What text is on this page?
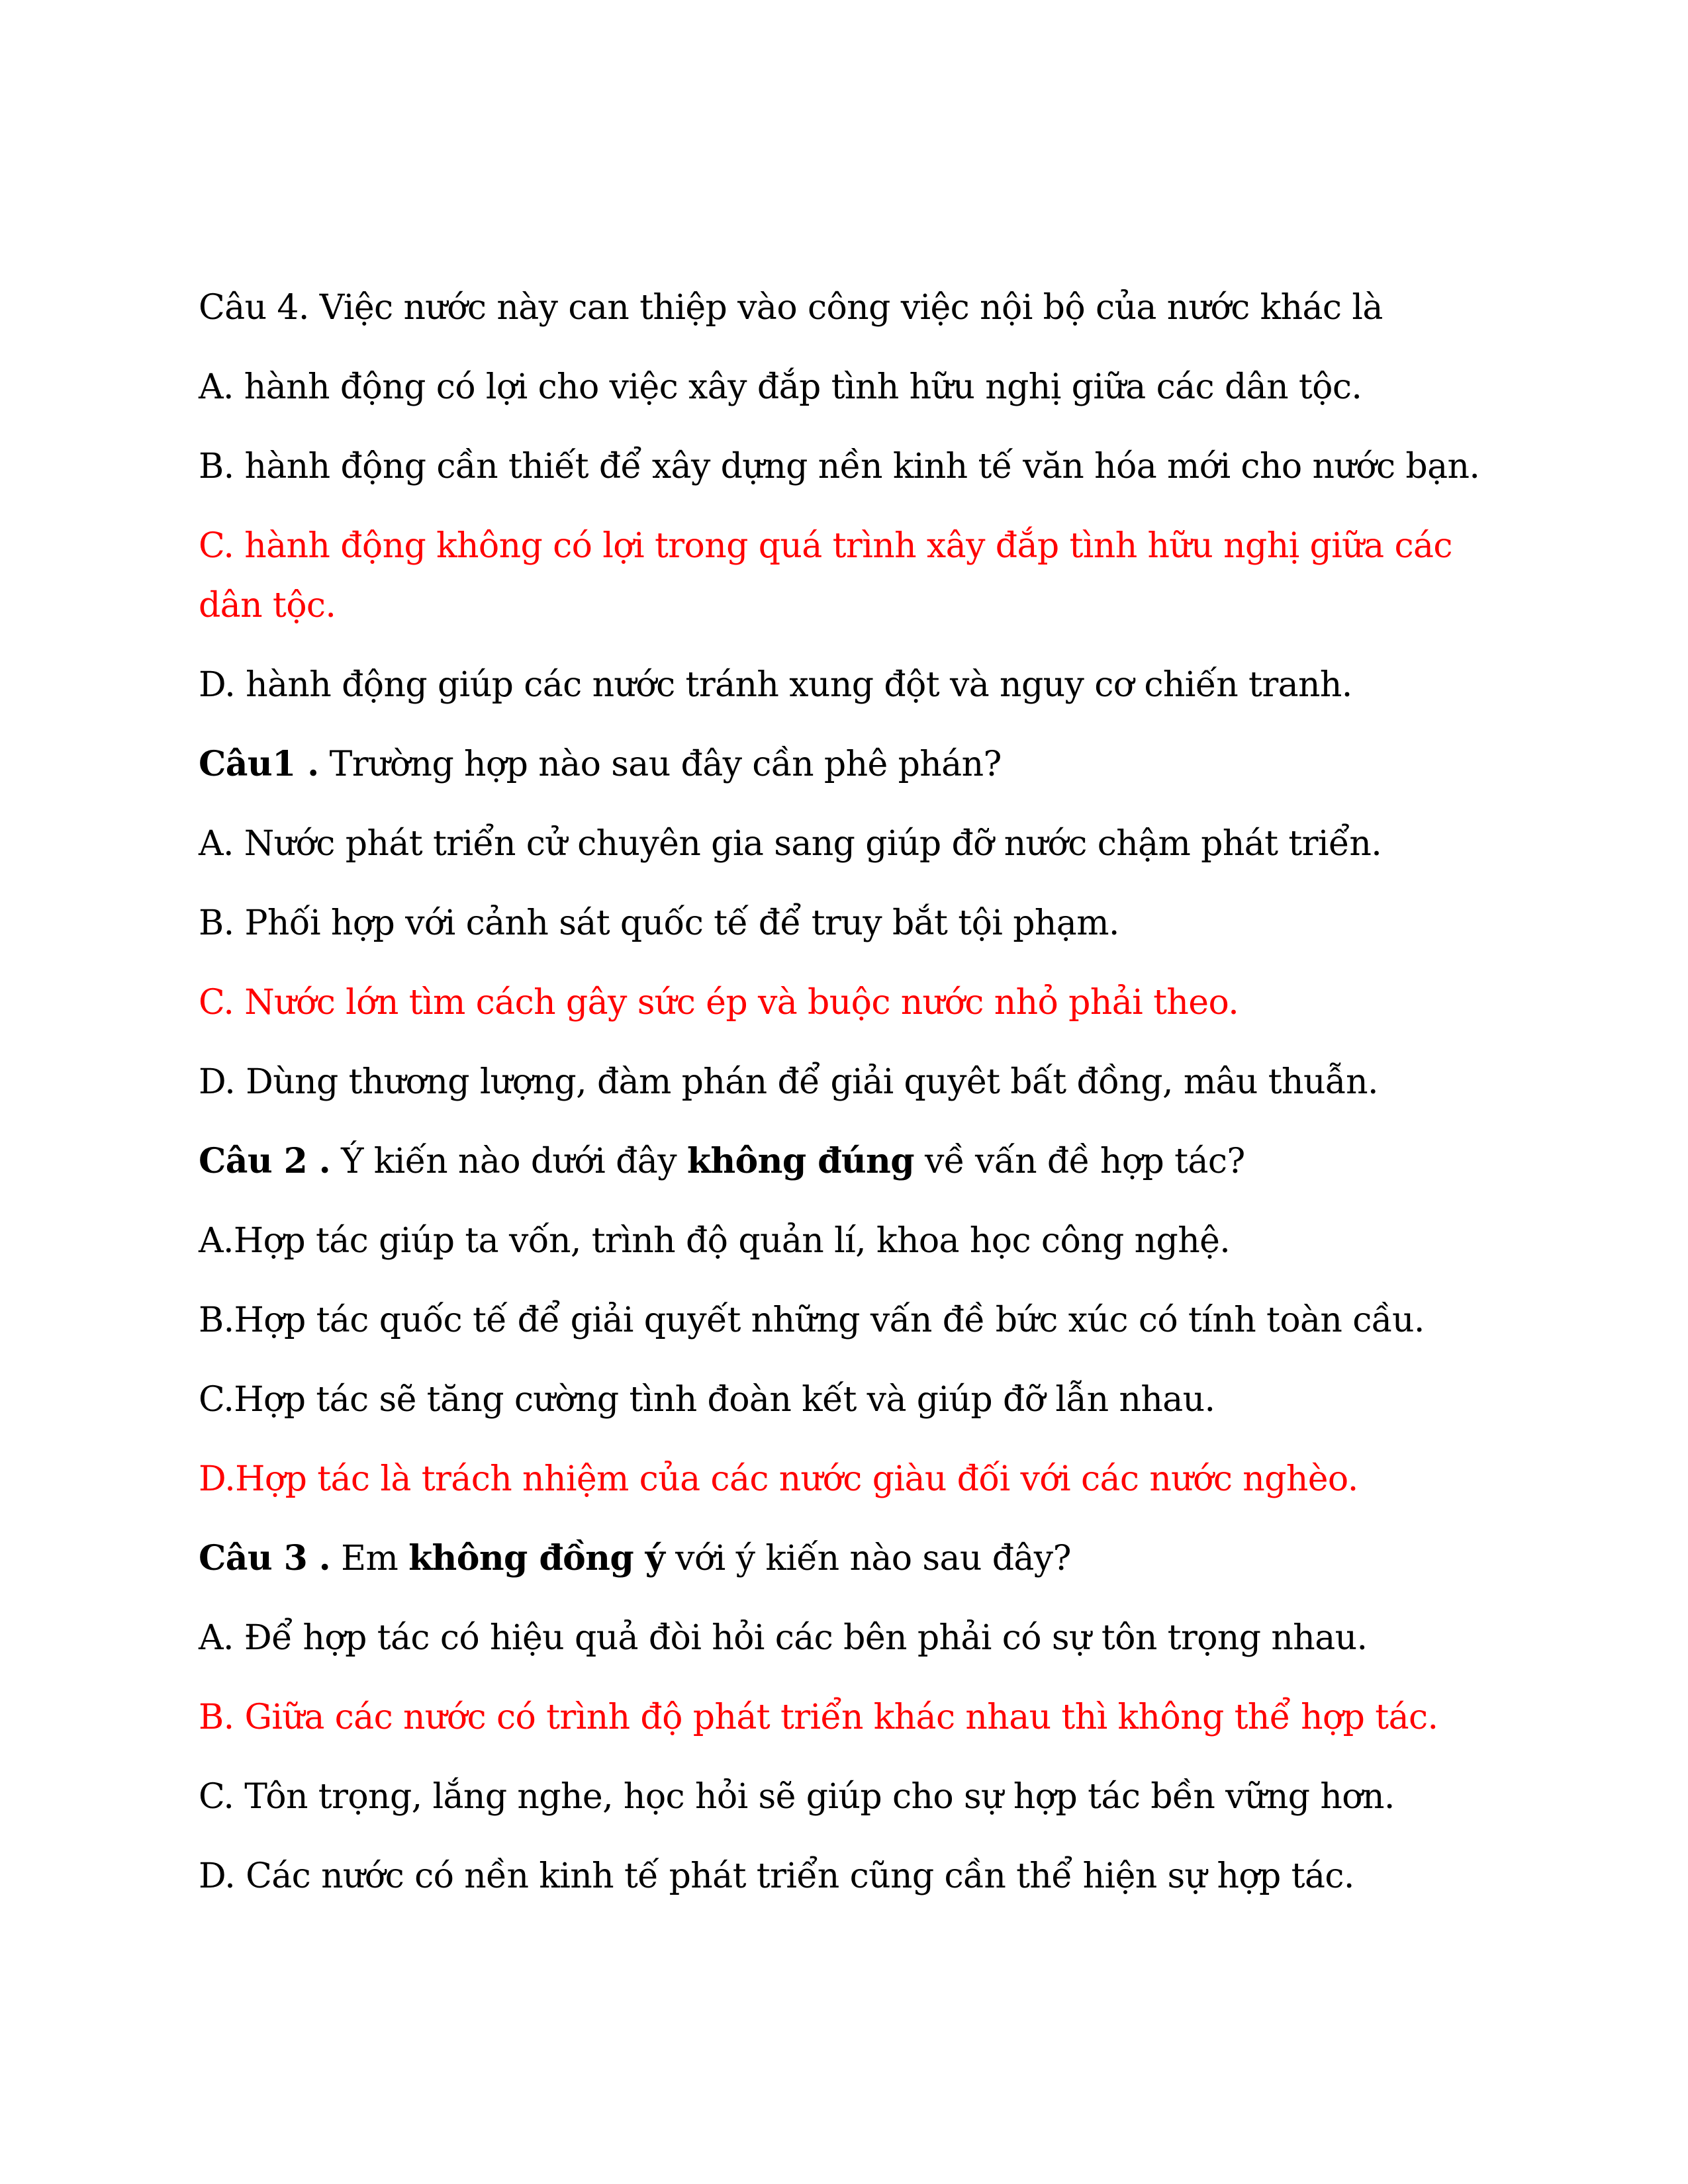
Câu 4. Việc nước này can thiệp vào công việc nội bộ của nước khác là
A. hành động có lợi cho việc xây đắp tình hữu nghị giữa các dân tộc.
B. hành động cần thiết để xây dựng nền kinh tế văn hóa mới cho nước bạn.
C. hành động không có lợi trong quá trình xây đắp tình hữu nghị giữa các dân tộc.
D. hành động giúp các nước tránh xung đột và nguy cơ chiến tranh.
Câu1 . Trường hợp nào sau đây cần phê phán?
A. Nước phát triển cử chuyên gia sang giúp đỡ nước chậm phát triển.
B. Phối hợp với cảnh sát quốc tế để truy bắt tội phạm.
C. Nước lớn tìm cách gây sức ép và buộc nước nhỏ phải theo.
D. Dùng thương lượng, đàm phán để giải quyêt bất đồng, mâu thuẫn.
Câu 2 . Ý kiến nào dưới đây không đúng về vấn đề hợp tác?
A.Hợp tác giúp ta vốn, trình độ quản lí, khoa học công nghệ.
B.Hợp tác quốc tế để giải quyết những vấn đề bức xúc có tính toàn cầu.
C.Hợp tác sẽ tăng cường tình đoàn kết và giúp đỡ lẫn nhau.
D.Hợp tác là trách nhiệm của các nước giàu đối với các nước nghèo.
Câu 3 . Em không đồng ý với ý kiến nào sau đây?
A. Để hợp tác có hiệu quả đòi hỏi các bên phải có sự tôn trọng nhau.
B. Giữa các nước có trình độ phát triển khác nhau thì không thể hợp tác.
C. Tôn trọng, lắng nghe, học hỏi sẽ giúp cho sự hợp tác bền vững hơn.
D. Các nước có nền kinh tế phát triển cũng cần thể hiện sự hợp tác.
